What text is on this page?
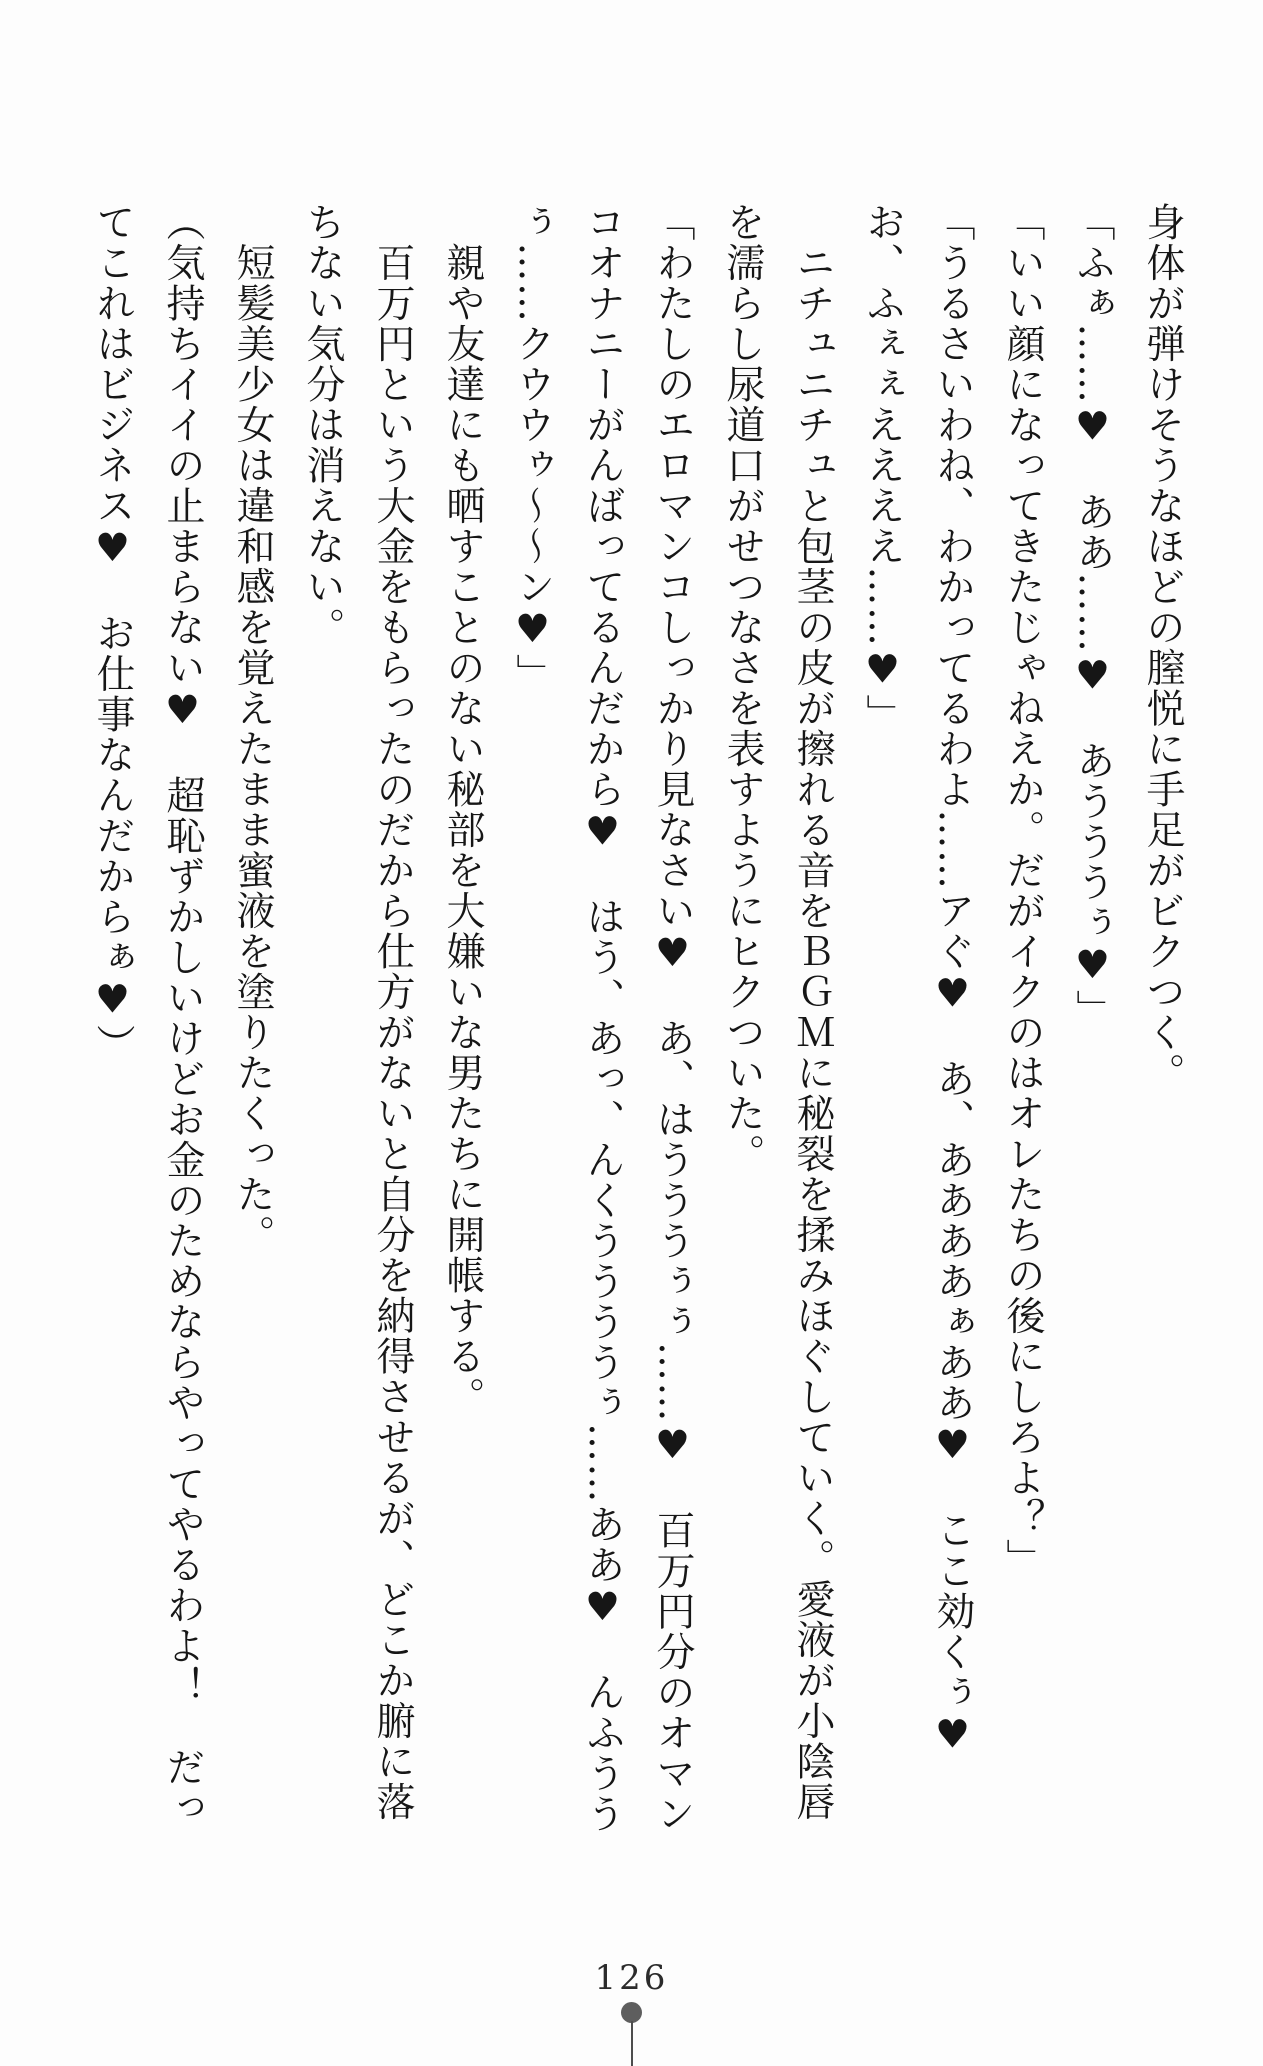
身体が弾けそうなほどの膣悦に手足がビクつく。

「ふぁ……♥　ああ……♥　あうううぅ♥」

「いい顔になってきたじゃねえか。だがイクのはオレたちの後にしろよ？」

「うるさいわね、わかってるわよ……アぐ♥　あ、ああああぁああ♥　ここ効くぅ♥　お、ふぇぇええええ……♥」

　ニチュニチュと包茎の皮が擦れる音をＢＧＭに秘裂を揉みほぐしていく。愛液が小陰唇を濡らし尿道口がせつなさを表すようにヒクついた。

「わたしのエロマンコしっかり見なさい♥　あ、はうううぅぅ……♥　百万円分のオマンコオナニーがんばってるんだから♥　はう、あっ、んくううううぅ……ああ♥　んふううぅ……クウウゥ〜〜ン♥」

　親や友達にも晒すことのない秘部を大嫌いな男たちに開帳する。

　百万円という大金をもらったのだから仕方がないと自分を納得させるが、どこか腑に落ちない気分は消えない。

　短髪美少女は違和感を覚えたまま蜜液を塗りたくった。

（気持ちイイの止まらない♥　超恥ずかしいけどお金のためならやってやるわよ！　だってこれはビジネス♥　お仕事なんだからぁ♥）

126
